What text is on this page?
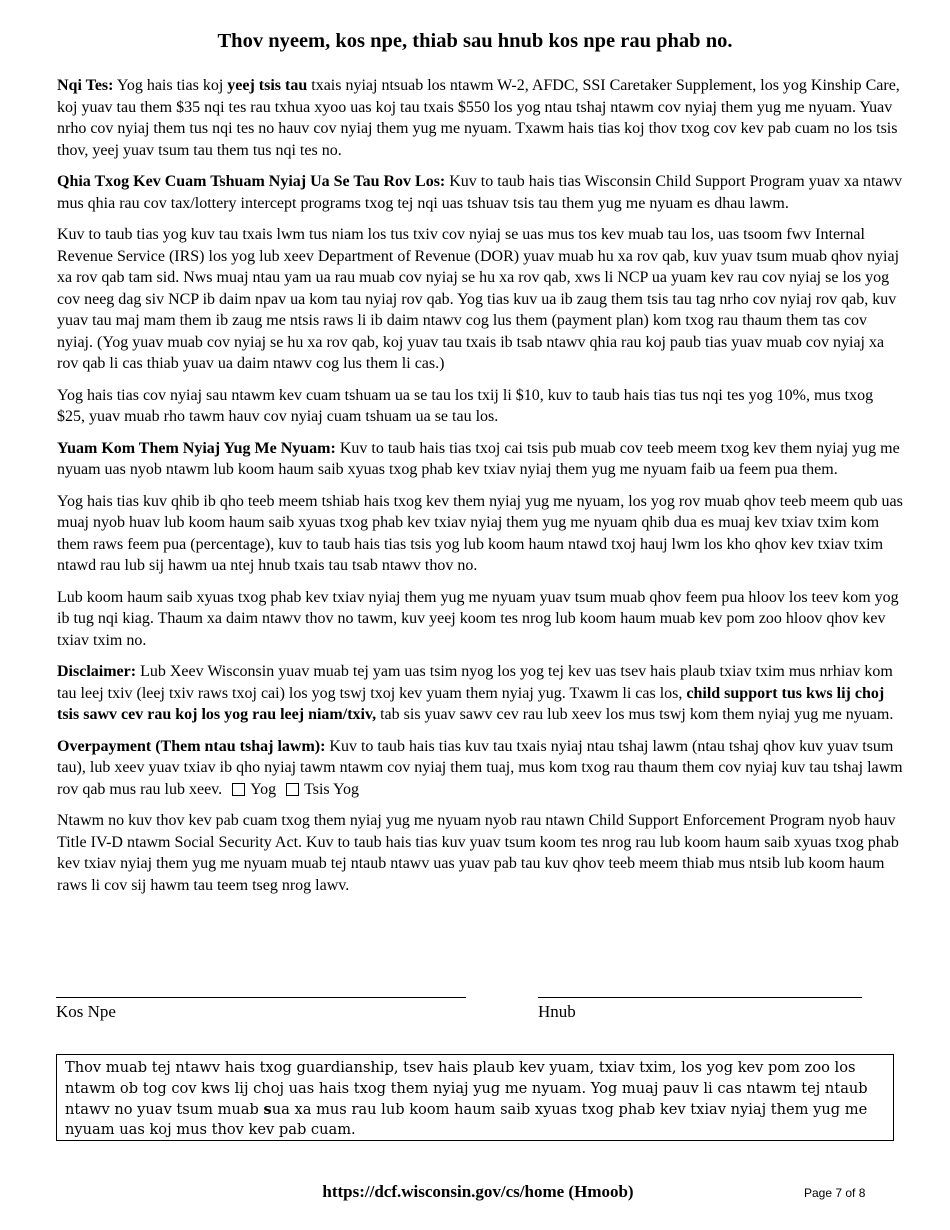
Thov nyeem, kos npe, thiab sau hnub kos npe rau phab no.

Nqi Tes: Yog hais tias koj yeej tsis tau txais nyiaj ntsuab los ntawm W-2, AFDC, SSI Caretaker Supplement, los yog Kinship Care, koj yuav tau them $35 nqi tes rau txhua xyoo uas koj tau txais $550 los yog ntau tshaj ntawm cov nyiaj them yug me nyuam. Yuav nrho cov nyiaj them tus nqi tes no hauv cov nyiaj them yug me nyuam. Txawm hais tias koj thov txog cov kev pab cuam no los tsis thov, yeej yuav tsum tau them tus nqi tes no.

Qhia Txog Kev Cuam Tshuam Nyiaj Ua Se Tau Rov Los: Kuv to taub hais tias Wisconsin Child Support Program yuav xa ntawv mus qhia rau cov tax/lottery intercept programs txog tej nqi uas tshuav tsis tau them yug me nyuam es dhau lawm.

Kuv to taub tias yog kuv tau txais lwm tus niam los tus txiv cov nyiaj se uas mus tos kev muab tau los, uas tsoom fwv Internal Revenue Service (IRS) los yog lub xeev Department of Revenue (DOR) yuav muab hu xa rov qab, kuv yuav tsum muab qhov nyiaj xa rov qab tam sid. Nws muaj ntau yam ua rau muab cov nyiaj se hu xa rov qab, xws li NCP ua yuam kev rau cov nyiaj se los yog cov neeg dag siv NCP ib daim npav ua kom tau nyiaj rov qab. Yog tias kuv ua ib zaug them tsis tau tag nrho cov nyiaj rov qab, kuv yuav tau maj mam them ib zaug me ntsis raws li ib daim ntawv cog lus them (payment plan) kom txog rau thaum them tas cov nyiaj. (Yog yuav muab cov nyiaj se hu xa rov qab, koj yuav tau txais ib tsab ntawv qhia rau koj paub tias yuav muab cov nyiaj xa rov qab li cas thiab yuav ua daim ntawv cog lus them li cas.)

Yog hais tias cov nyiaj sau ntawm kev cuam tshuam ua se tau los txij li $10, kuv to taub hais tias tus nqi tes yog 10%, mus txog $25, yuav muab rho tawm hauv cov nyiaj cuam tshuam ua se tau los.

Yuam Kom Them Nyiaj Yug Me Nyuam: Kuv to taub hais tias txoj cai tsis pub muab cov teeb meem txog kev them nyiaj yug me nyuam uas nyob ntawm lub koom haum saib xyuas txog phab kev txiav nyiaj them yug me nyuam faib ua feem pua them.

Yog hais tias kuv qhib ib qho teeb meem tshiab hais txog kev them nyiaj yug me nyuam, los yog rov muab qhov teeb meem qub uas muaj nyob huav lub koom haum saib xyuas txog phab kev txiav nyiaj them yug me nyuam qhib dua es muaj kev txiav txim kom them raws feem pua (percentage), kuv to taub hais tias tsis yog lub koom haum ntawd txoj hauj lwm los kho qhov kev txiav txim ntawd rau lub sij hawm ua ntej hnub txais tau tsab ntawv thov no.

Lub koom haum saib xyuas txog phab kev txiav nyiaj them yug me nyuam yuav tsum muab qhov feem pua hloov los teev kom yog ib tug nqi kiag. Thaum xa daim ntawv thov no tawm, kuv yeej koom tes nrog lub koom haum muab kev pom zoo hloov qhov kev txiav txim no.

Disclaimer: Lub Xeev Wisconsin yuav muab tej yam uas tsim nyog los yog tej kev uas tsev hais plaub txiav txim mus nrhiav kom tau leej txiv (leej txiv raws txoj cai) los yog tswj txoj kev yuam them nyiaj yug. Txawm li cas los, child support tus kws lij choj tsis sawv cev rau koj los yog rau leej niam/txiv, tab sis yuav sawv cev rau lub xeev los mus tswj kom them nyiaj yug me nyuam.

Overpayment (Them ntau tshaj lawm): Kuv to taub hais tias kuv tau txais nyiaj ntau tshaj lawm (ntau tshaj qhov kuv yuav tsum tau), lub xeev yuav txiav ib qho nyiaj tawm ntawm cov nyiaj them tuaj, mus kom txog rau thaum them cov nyiaj kuv tau tshaj lawm rov qab mus rau lub xeev. Yog Tsis Yog

Ntawm no kuv thov kev pab cuam txog them nyiaj yug me nyuam nyob rau ntawn Child Support Enforcement Program nyob hauv Title IV-D ntawm Social Security Act. Kuv to taub hais tias kuv yuav tsum koom tes nrog rau lub koom haum saib xyuas txog phab kev txiav nyiaj them yug me nyuam muab tej ntaub ntawv uas yuav pab tau kuv qhov teeb meem thiab mus ntsib lub koom haum raws li cov sij hawm tau teem tseg nrog lawv.

Kos Npe	Hnub
Thov muab tej ntawv hais txog guardianship, tsev hais plaub kev yuam, txiav txim, los yog kev pom zoo los ntawm ob tog cov kws lij choj uas hais txog them nyiaj yug me nyuam. Yog muaj pauv li cas ntawm tej ntaub ntawv no yuav tsum muab sua xa mus rau lub koom haum saib xyuas txog phab kev txiav nyiaj them yug me nyuam uas koj mus thov kev pab cuam.
https://dcf.wisconsin.gov/cs/home (Hmoob)	Page 7 of 8
